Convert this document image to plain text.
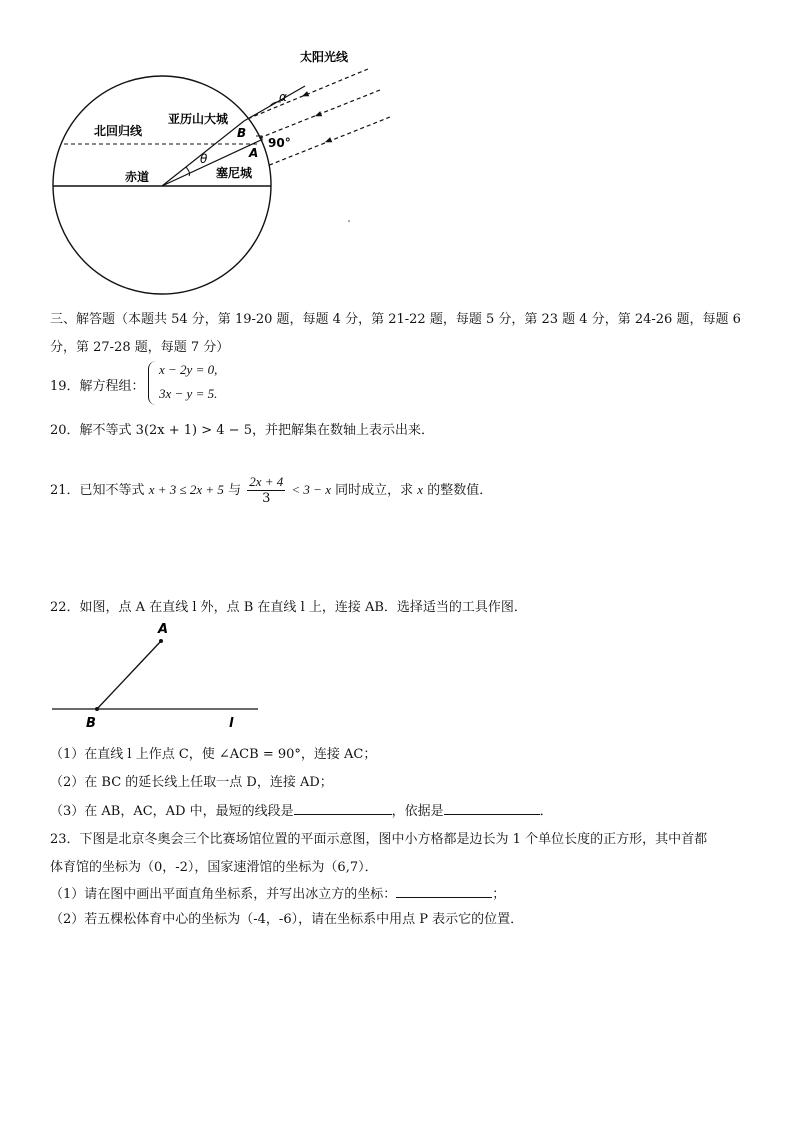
太阳光线
亚历山大城
北回归线
赤道	塞尼城
B
A
90°
α
θ
三、解答题（本题共 54 分，第 19-20 题，每题 4 分，第 21-22 题，每题 5 分，第 23 题 4 分，第 24-26 题，每题 6
分，第 27-28 题，每题 7 分）
19．解方程组：
x − 2y = 0,
3x − y = 5.
20．解不等式 3(2x + 1) > 4 − 5，并把解集在数轴上表示出来．
21．已知不等式 x + 3 ≤ 2x + 5 与 $\frac{2x + 4}{3} < 3 - x$ 同时成立，求 x 的整数值．
22．如图，点 A 在直线 l 外，点 B 在直线 l 上，连接 AB．选择适当的工具作图．
A
B	l
（1）在直线 l 上作点 C，使 ∠ACB = 90°，连接 AC；
（2）在 BC 的延长线上任取一点 D，连接 AD；
（3）在 AB，AC，AD 中，最短的线段是	，依据是	．
23．下图是北京冬奥会三个比赛场馆位置的平面示意图，图中小方格都是边长为 1 个单位长度的正方形，其中首都
体育馆的坐标为（0，-2），国家速滑馆的坐标为（6,7）．
（1）请在图中画出平面直角坐标系，并写出冰立方的坐标：	；
（2）若五棵松体育中心的坐标为（-4，-6），请在坐标系中用点 P 表示它的位置．
